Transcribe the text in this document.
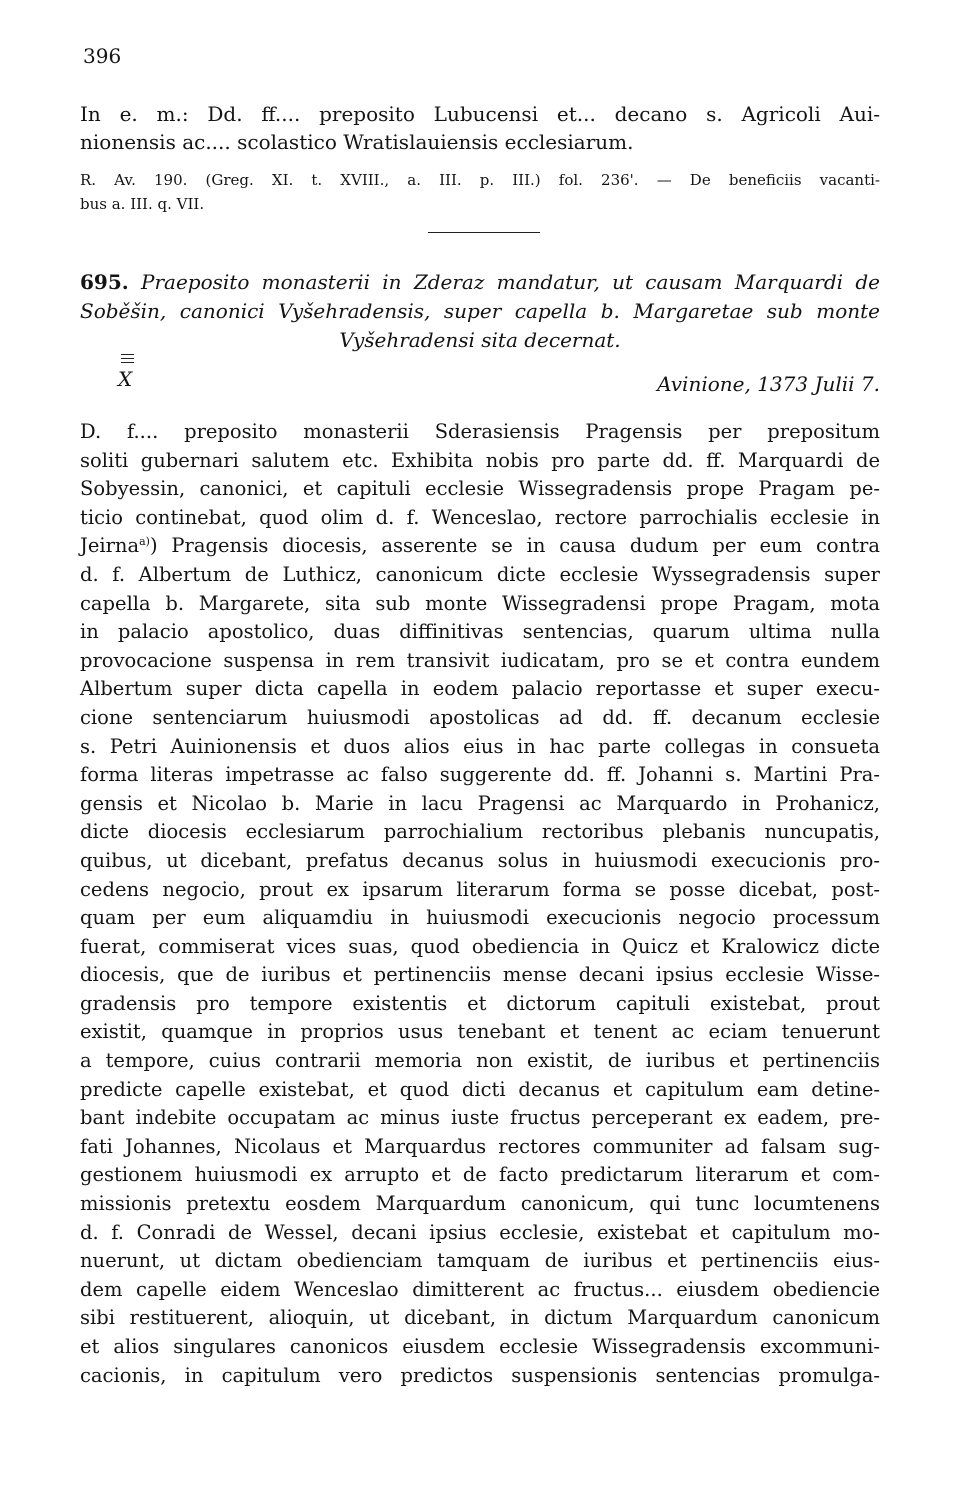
396
In e. m.: Dd. ff.... preposito Lubucensi et... decano s. Agricoli Aui-
nionensis ac.... scolastico Wratislauiensis ecclesiarum.
R. Av. 190. (Greg. XI. t. XVIII., a. III. p. III.) fol. 236'. — De beneficiis vacanti-
bus a. III. q. VII.
695. Praeposito monasterii in Zderaz mandatur, ut causam Marquardi de
Soběšin, canonici Vyšehradensis, super capella b. Margaretae sub monte
Vyšehradensi sita decernat.
X	Avinione, 1373 Julii 7.
D. f.... preposito monasterii Sderasiensis Pragensis per prepositum
soliti gubernari salutem etc. Exhibita nobis pro parte dd. ff. Marquardi de
Sobyessin, canonici, et capituli ecclesie Wissegradensis prope Pragam pe-
ticio continebat, quod olim d. f. Wenceslao, rectore parrochialis ecclesie in
Jeirna$^{a)}$) Pragensis diocesis, asserente se in causa dudum per eum contra
d. f. Albertum de Luthicz, canonicum dicte ecclesie Wyssegradensis super
capella b. Margarete, sita sub monte Wissegradensi prope Pragam, mota
in palacio apostolico, duas diffinitivas sentencias, quarum ultima nulla
provocacione suspensa in rem transivit iudicatam, pro se et contra eundem
Albertum super dicta capella in eodem palacio reportasse et super execu-
cione sentenciarum huiusmodi apostolicas ad dd. ff. decanum ecclesie
s. Petri Auinionensis et duos alios eius in hac parte collegas in consueta
forma literas impetrasse ac falso suggerente dd. ff. Johanni s. Martini Pra-
gensis et Nicolao b. Marie in lacu Pragensi ac Marquardo in Prohanicz,
dicte diocesis ecclesiarum parrochialium rectoribus plebanis nuncupatis,
quibus, ut dicebant, prefatus decanus solus in huiusmodi execucionis pro-
cedens negocio, prout ex ipsarum literarum forma se posse dicebat, post-
quam per eum aliquamdiu in huiusmodi execucionis negocio processum
fuerat, commiserat vices suas, quod obediencia in Quicz et Kralowicz dicte
diocesis, que de iuribus et pertinenciis mense decani ipsius ecclesie Wisse-
gradensis pro tempore existentis et dictorum capituli existebat, prout
existit, quamque in proprios usus tenebant et tenent ac eciam tenuerunt
a tempore, cuius contrarii memoria non existit, de iuribus et pertinenciis
predicte capelle existebat, et quod dicti decanus et capitulum eam detine-
bant indebite occupatam ac minus iuste fructus perceperant ex eadem, pre-
fati Johannes, Nicolaus et Marquardus rectores communiter ad falsam sug-
gestionem huiusmodi ex arrupto et de facto predictarum literarum et com-
missionis pretextu eosdem Marquardum canonicum, qui tunc locumtenens
d. f. Conradi de Wessel, decani ipsius ecclesie, existebat et capitulum mo-
nuerunt, ut dictam obedienciam tamquam de iuribus et pertinenciis eius-
dem capelle eidem Wenceslao dimitterent ac fructus... eiusdem obediencie
sibi restituerent, alioquin, ut dicebant, in dictum Marquardum canonicum
et alios singulares canonicos eiusdem ecclesie Wissegradensis excommuni-
cacionis, in capitulum vero predictos suspensionis sentencias promulga-
